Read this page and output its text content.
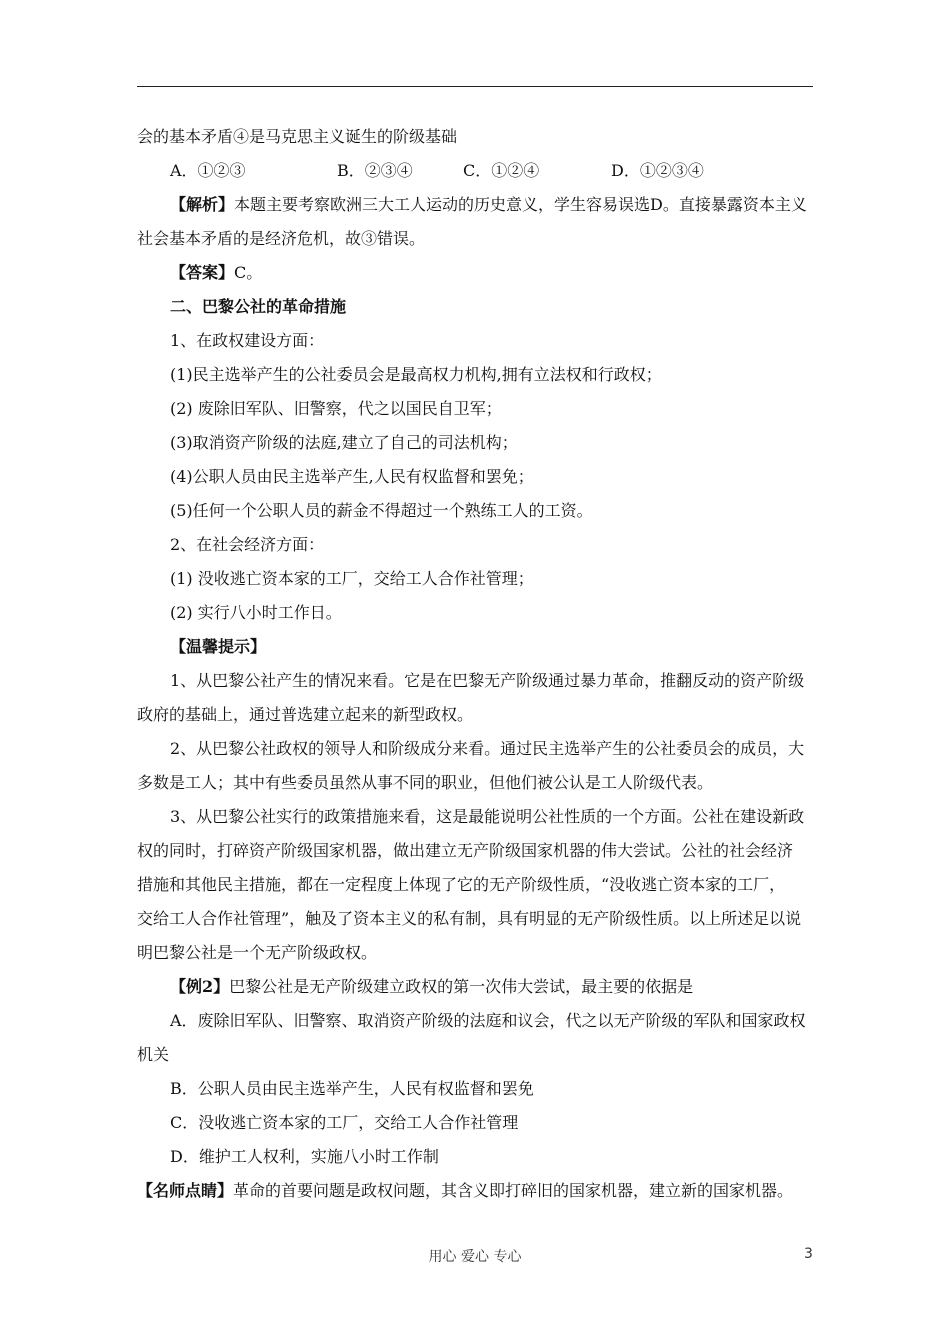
会的基本矛盾④是马克思主义诞生的阶级基础
A．①②③	B．②③④	C．①②④	D．①②③④
【解析】本题主要考察欧洲三大工人运动的历史意义，学生容易误选D。直接暴露资本主义
社会基本矛盾的是经济危机，故③错误。
【答案】C。
二、巴黎公社的革命措施
1、在政权建设方面：
(1)民主选举产生的公社委员会是最高权力机构,拥有立法权和行政权；
(2) 废除旧军队、旧警察，代之以国民自卫军；
(3)取消资产阶级的法庭,建立了自己的司法机构；
(4)公职人员由民主选举产生,人民有权监督和罢免；
(5)任何一个公职人员的薪金不得超过一个熟练工人的工资。
2、在社会经济方面：
(1) 没收逃亡资本家的工厂，交给工人合作社管理；
(2) 实行八小时工作日。
【温馨提示】
1、从巴黎公社产生的情况来看。它是在巴黎无产阶级通过暴力革命，推翻反动的资产阶级
政府的基础上，通过普选建立起来的新型政权。
2、从巴黎公社政权的领导人和阶级成分来看。通过民主选举产生的公社委员会的成员，大
多数是工人；其中有些委员虽然从事不同的职业，但他们被公认是工人阶级代表。
3、从巴黎公社实行的政策措施来看，这是最能说明公社性质的一个方面。公社在建设新政
权的同时，打碎资产阶级国家机器，做出建立无产阶级国家机器的伟大尝试。公社的社会经济
措施和其他民主措施，都在一定程度上体现了它的无产阶级性质，“没收逃亡资本家的工厂，
交给工人合作社管理”，触及了资本主义的私有制，具有明显的无产阶级性质。以上所述足以说
明巴黎公社是一个无产阶级政权。
【例2】巴黎公社是无产阶级建立政权的第一次伟大尝试，最主要的依据是
A．废除旧军队、旧警察、取消资产阶级的法庭和议会，代之以无产阶级的军队和国家政权
机关
B．公职人员由民主选举产生，人民有权监督和罢免
C．没收逃亡资本家的工厂，交给工人合作社管理
D．维护工人权利，实施八小时工作制
【名师点睛】革命的首要问题是政权问题，其含义即打碎旧的国家机器，建立新的国家机器。
用心 爱心 专心	3
